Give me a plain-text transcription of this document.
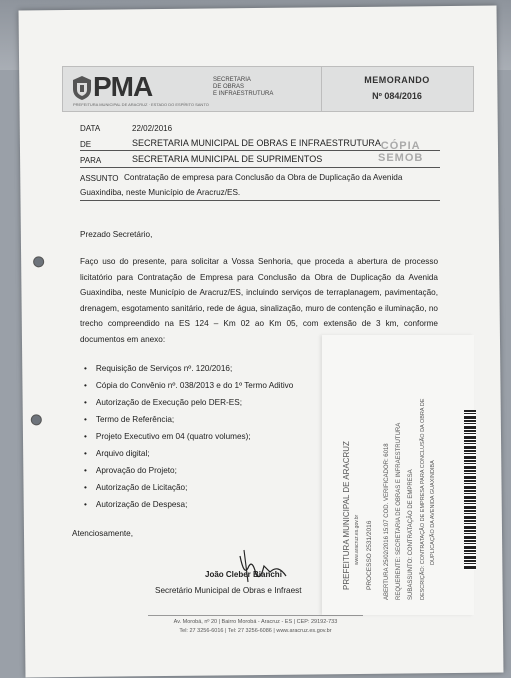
PMA
PREFEITURA MUNICIPAL DE ARACRUZ · ESTADO DO ESPÍRITO SANTO
SECRETARIA
DE OBRAS
E INFRAESTRUTURA
MEMORANDO
Nº 084/2016
DATA	22/02/2016
DE	SECRETARIA MUNICIPAL DE OBRAS E INFRAESTRUTURA
PARA	SECRETARIA MUNICIPAL DE SUPRIMENTOS
CÓPIA
SEMOB
ASSUNTO Contratação de empresa para Conclusão da Obra de Duplicação da Avenida
Guaxindiba, neste Município de Aracruz/ES.
Prezado Secretário,
Faço uso do presente, para solicitar a Vossa Senhoria, que proceda a abertura de processo licitatório para Contratação de Empresa para Conclusão da Obra de Duplicação da Avenida Guaxindiba, neste Município de Aracruz/ES, incluindo serviços de terraplanagem, pavimentação, drenagem, esgotamento sanitário, rede de água, sinalização, muro de contenção e iluminação, no trecho compreendido na ES 124 – Km 02 ao Km 05, com extensão de 3 km, conforme documentos em anexo:
• Requisição de Serviços nº. 120/2016;
• Cópia do Convênio nº. 038/2013 e do 1º Termo Aditivo
• Autorização de Execução pelo DER-ES;
• Termo de Referência;
• Projeto Executivo em 04 (quatro volumes);
• Arquivo digital;
• Aprovação do Projeto;
• Autorização de Licitação;
• Autorização de Despesa;
Atenciosamente,
João Cleber Bianchi
Secretário Municipal de Obras e Infraest
Av. Morobá, nº 20 | Bairro Morobá - Aracruz - ES | CEP: 29192-733
Tel: 27 3256-6016 | Tel: 27 3256-6086 | www.aracruz.es.gov.br
PREFEITURA MUNICIPAL DE ARACRUZ www.aracruz.es.gov.br PROCESSO 2531/2016 ABERTURA 25/02/2016 15:07 COD. VERIFICADOR: 6018 REQUERENTE: SECRETARIA DE OBRAS E INFRAESTRUTURA SUBASSUNTO: CONTRATAÇÃO DE EMPRESA DESCRIÇÃO: CONTRATAÇÃO DE EMPRESA PARA CONCLUSÃO DA OBRA DE DUPLICAÇÃO DA AVENIDA GUAXINDIBA
